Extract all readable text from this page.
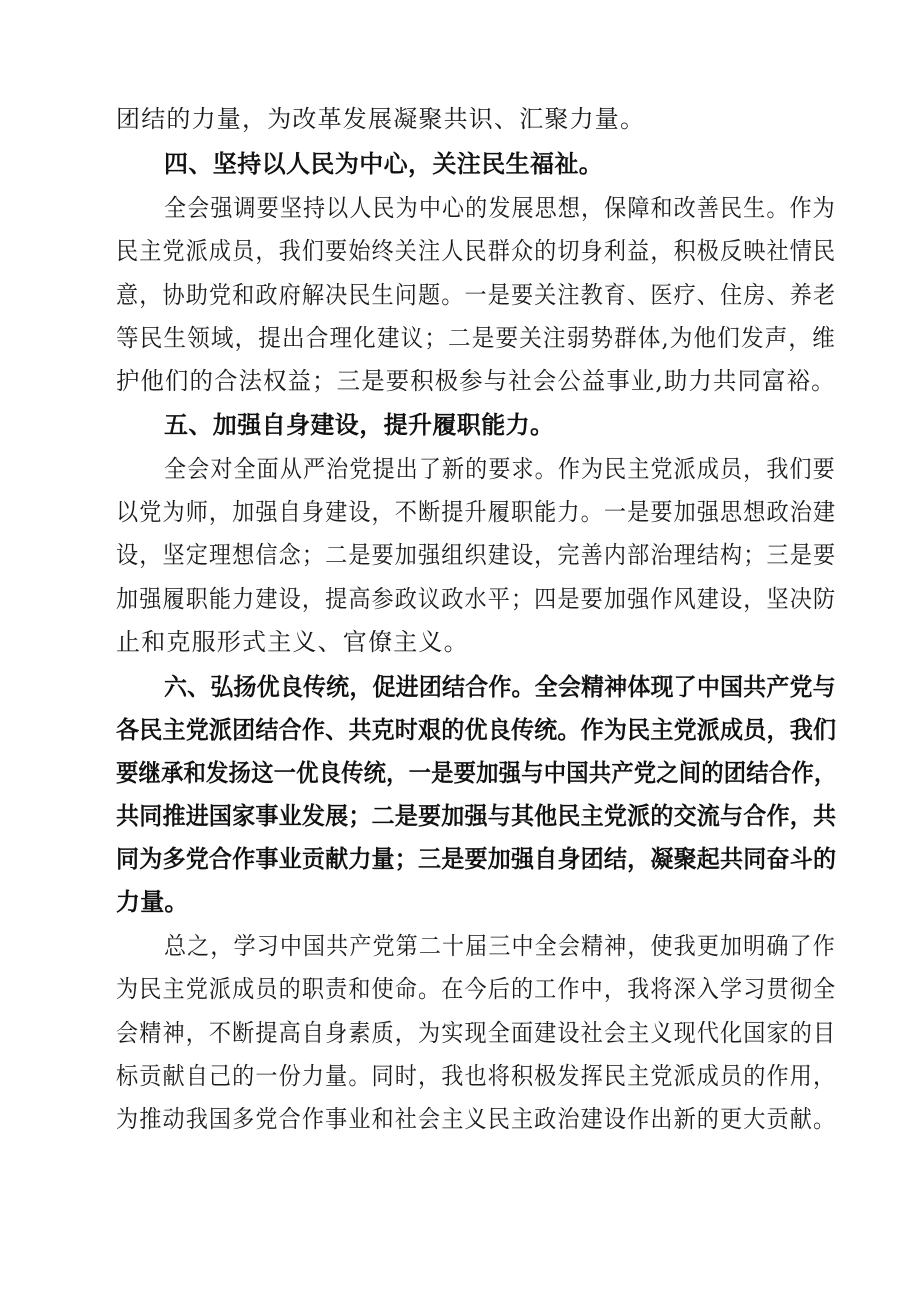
团结的力量，为改革发展凝聚共识、汇聚力量。
四、坚持以人民为中心，关注民生福祉。
全会强调要坚持以人民为中心的发展思想，保障和改善民生。作为
民主党派成员，我们要始终关注人民群众的切身利益，积极反映社情民
意，协助党和政府解决民生问题。一是要关注教育、医疗、住房、养老
等民生领域，提出合理化建议；二是要关注弱势群体,为他们发声，维
护他们的合法权益；三是要积极参与社会公益事业,助力共同富裕。
五、加强自身建设，提升履职能力。
全会对全面从严治党提出了新的要求。作为民主党派成员，我们要
以党为师，加强自身建设，不断提升履职能力。一是要加强思想政治建
设，坚定理想信念；二是要加强组织建设，完善内部治理结构；三是要
加强履职能力建设，提高参政议政水平；四是要加强作风建设，坚决防
止和克服形式主义、官僚主义。
六、弘扬优良传统，促进团结合作。全会精神体现了中国共产党与
各民主党派团结合作、共克时艰的优良传统。作为民主党派成员，我们
要继承和发扬这一优良传统，一是要加强与中国共产党之间的团结合作，
共同推进国家事业发展；二是要加强与其他民主党派的交流与合作，共
同为多党合作事业贡献力量；三是要加强自身团结，凝聚起共同奋斗的
力量。
总之，学习中国共产党第二十届三中全会精神，使我更加明确了作
为民主党派成员的职责和使命。在今后的工作中，我将深入学习贯彻全
会精神，不断提高自身素质，为实现全面建设社会主义现代化国家的目
标贡献自己的一份力量。同时，我也将积极发挥民主党派成员的作用，
为推动我国多党合作事业和社会主义民主政治建设作出新的更大贡献。
